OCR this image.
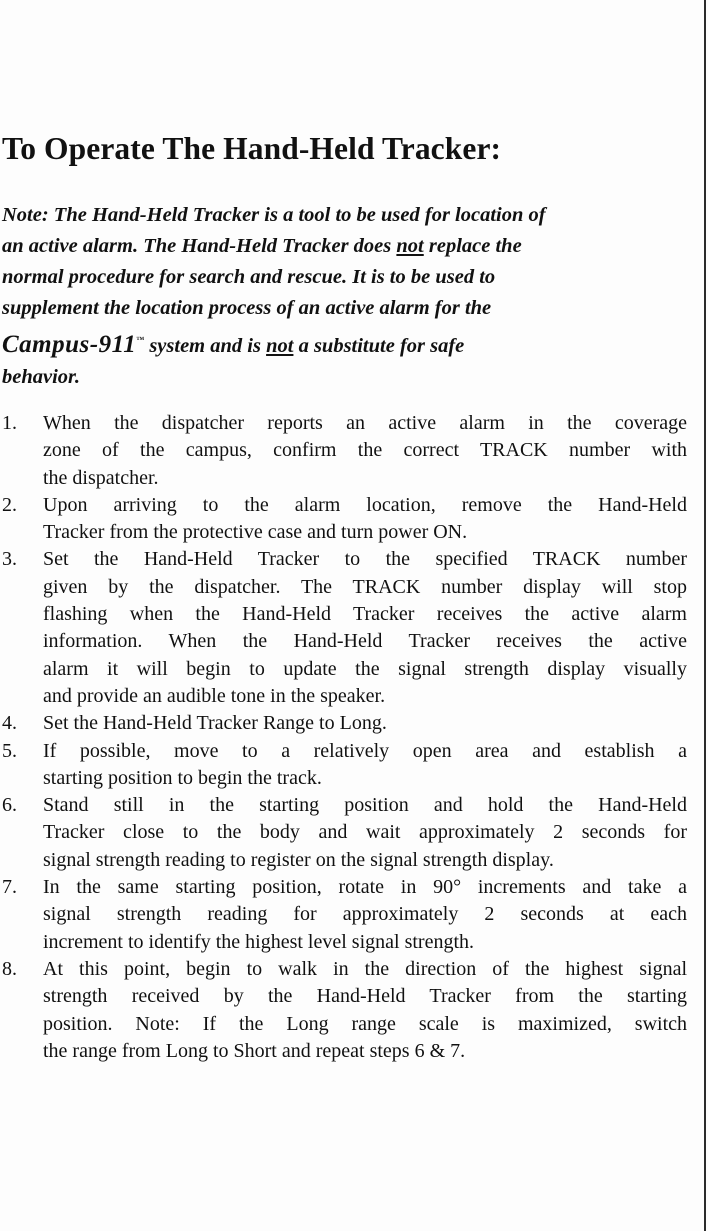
To Operate The Hand-Held Tracker:

Note: The Hand-Held Tracker is a tool to be used for location of
an active alarm. The Hand-Held Tracker does not replace the
normal procedure for search and rescue. It is to be used to
supplement the location process of an active alarm for the
Campus-911™ system and is not a substitute for safe
behavior.

1.	When the dispatcher reports an active alarm in the coverage
zone of the campus, confirm the correct TRACK number with
the dispatcher.
2.	Upon arriving to the alarm location, remove the Hand-Held
Tracker from the protective case and turn power ON.
3.	Set the Hand-Held Tracker to the specified TRACK number
given by the dispatcher. The TRACK number display will stop
flashing when the Hand-Held Tracker receives the active alarm
information. When the Hand-Held Tracker receives the active
alarm it will begin to update the signal strength display visually
and provide an audible tone in the speaker.
4.	Set the Hand-Held Tracker Range to Long.
5.	If possible, move to a relatively open area and establish a
starting position to begin the track.
6.	Stand still in the starting position and hold the Hand-Held
Tracker close to the body and wait approximately 2 seconds for
signal strength reading to register on the signal strength display.
7.	In the same starting position, rotate in 90° increments and take a
signal strength reading for approximately 2 seconds at each
increment to identify the highest level signal strength.
8.	At this point, begin to walk in the direction of the highest signal
strength received by the Hand-Held Tracker from the starting
position. Note: If the Long range scale is maximized, switch
the range from Long to Short and repeat steps 6 & 7.
